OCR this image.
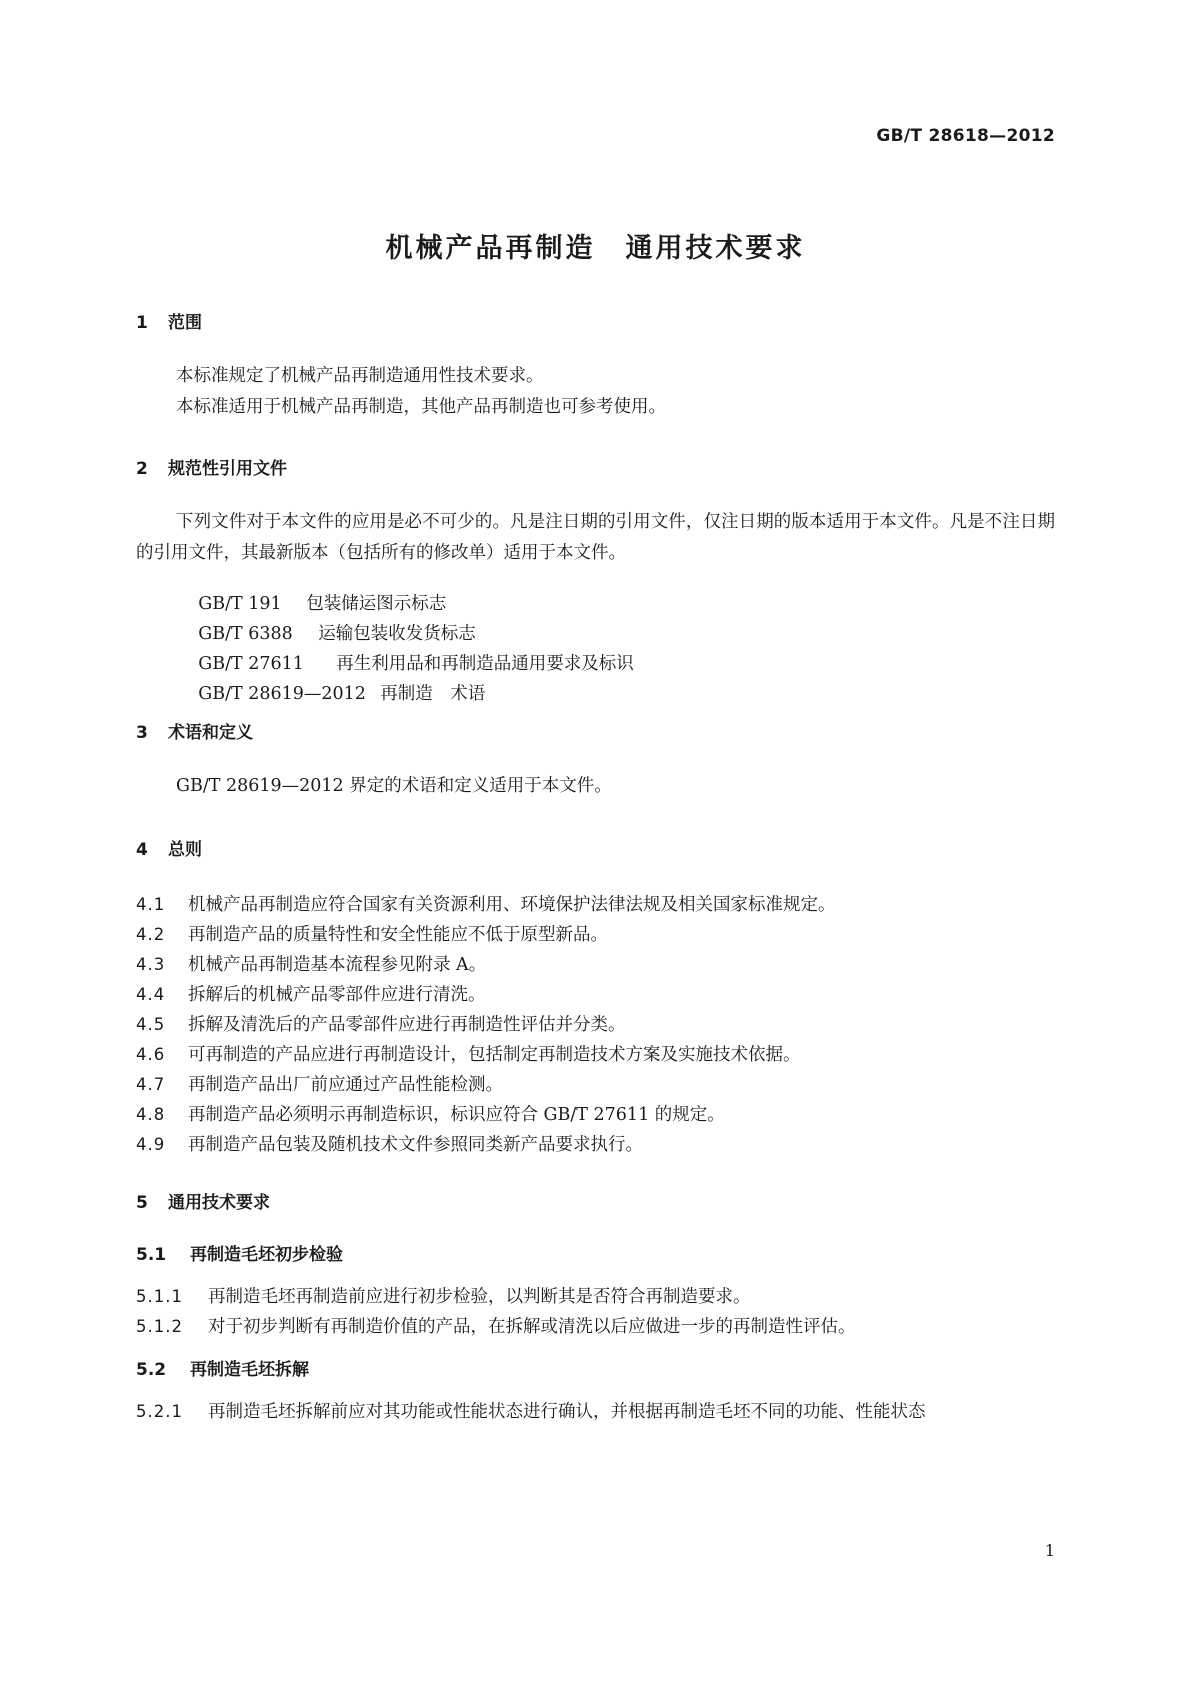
GB/T 28618—2012
机械产品再制造　通用技术要求
1 范围
本标准规定了机械产品再制造通用性技术要求。
本标准适用于机械产品再制造，其他产品再制造也可参考使用。
2 规范性引用文件
下列文件对于本文件的应用是必不可少的。凡是注日期的引用文件，仅注日期的版本适用于本文件。凡是不注日期的引用文件，其最新版本（包括所有的修改单）适用于本文件。

GB/T 191 包装储运图示标志

GB/T 6388 运输包装收发货标志

GB/T 27611 再生利用品和再制造品通用要求及标识

GB/T 28619—2012 再制造　术语

3 术语和定义
GB/T 28619—2012 界定的术语和定义适用于本文件。
4 总则
4.1 机械产品再制造应符合国家有关资源利用、环境保护法律法规及相关国家标准规定。
4.2 再制造产品的质量特性和安全性能应不低于原型新品。
4.3 机械产品再制造基本流程参见附录 A。
4.4 拆解后的机械产品零部件应进行清洗。
4.5 拆解及清洗后的产品零部件应进行再制造性评估并分类。
4.6 可再制造的产品应进行再制造设计，包括制定再制造技术方案及实施技术依据。
4.7 再制造产品出厂前应通过产品性能检测。
4.8 再制造产品必须明示再制造标识，标识应符合 GB/T 27611 的规定。
4.9 再制造产品包装及随机技术文件参照同类新产品要求执行。
5 通用技术要求
5.1 再制造毛坯初步检验
5.1.1 再制造毛坯再制造前应进行初步检验，以判断其是否符合再制造要求。
5.1.2 对于初步判断有再制造价值的产品，在拆解或清洗以后应做进一步的再制造性评估。
5.2 再制造毛坯拆解
5.2.1 再制造毛坯拆解前应对其功能或性能状态进行确认，并根据再制造毛坯不同的功能、性能状态
1
